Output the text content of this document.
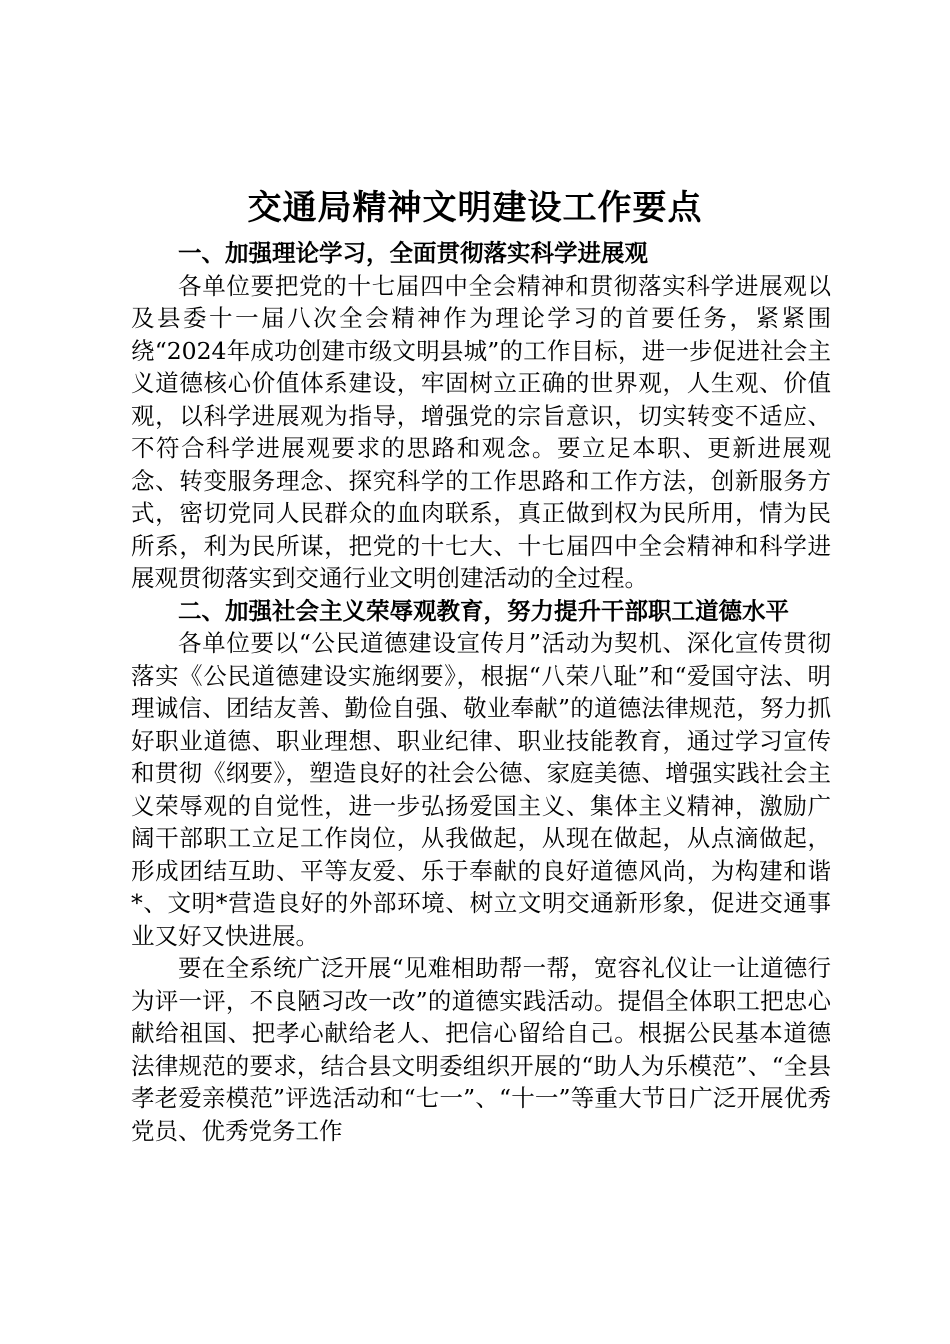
交通局精神文明建设工作要点

一、加强理论学习，全面贯彻落实科学进展观

各单位要把党的十七届四中全会精神和贯彻落实科学进展观以及县委十一届八次全会精神作为理论学习的首要任务，紧紧围绕“2024年成功创建市级文明县城”的工作目标，进一步促进社会主义道德核心价值体系建设，牢固树立正确的世界观，人生观、价值观，以科学进展观为指导，增强党的宗旨意识，切实转变不适应、不符合科学进展观要求的思路和观念。要立足本职、更新进展观念、转变服务理念、探究科学的工作思路和工作方法，创新服务方式，密切党同人民群众的血肉联系，真正做到权为民所用，情为民所系，利为民所谋，把党的十七大、十七届四中全会精神和科学进展观贯彻落实到交通行业文明创建活动的全过程。

二、加强社会主义荣辱观教育，努力提升干部职工道德水平

各单位要以“公民道德建设宣传月”活动为契机、深化宣传贯彻落实《公民道德建设实施纲要》，根据“八荣八耻”和“爱国守法、明理诚信、团结友善、勤俭自强、敬业奉献”的道德法律规范，努力抓好职业道德、职业理想、职业纪律、职业技能教育，通过学习宣传和贯彻《纲要》，塑造良好的社会公德、家庭美德、增强实践社会主义荣辱观的自觉性，进一步弘扬爱国主义、集体主义精神，激励广阔干部职工立足工作岗位，从我做起，从现在做起，从点滴做起，形成团结互助、平等友爱、乐于奉献的良好道德风尚，为构建和谐*、文明*营造良好的外部环境、树立文明交通新形象，促进交通事业又好又快进展。

要在全系统广泛开展“见难相助帮一帮，宽容礼仪让一让道德行为评一评，不良陋习改一改”的道德实践活动。提倡全体职工把忠心献给祖国、把孝心献给老人、把信心留给自己。根据公民基本道德法律规范的要求，结合县文明委组织开展的“助人为乐模范”、“全县孝老爱亲模范”评选活动和“七一”、“十一”等重大节日广泛开展优秀党员、优秀党务工作
